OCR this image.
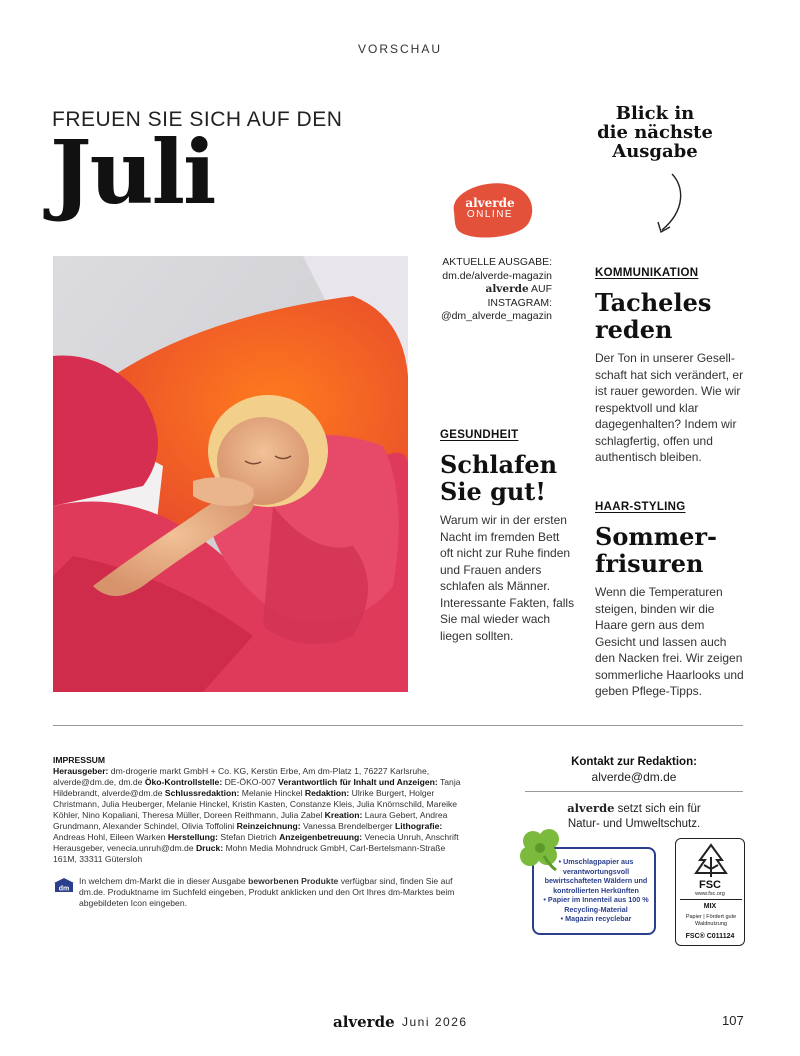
VORSCHAU
FREUEN SIE SICH AUF DEN
Juli
Blick in
die nächste
Ausgabe
alverde
ONLINE
AKTUELLE AUSGABE:
dm.de/alverde-magazin
alverde AUF INSTAGRAM:
@dm_alverde_magazin
KOMMUNIKATION
Tacheles
reden
Der Ton in unserer Gesell-schaft hat sich verändert, er ist rauer geworden. Wie wir respektvoll und klar dagegenhalten? Indem wir schlagfertig, offen und authentisch bleiben.
GESUNDHEIT
Schlafen
Sie gut!
Warum wir in der ersten Nacht im fremden Bett oft nicht zur Ruhe finden und Frauen anders schlafen als Männer. Interessante Fakten, falls Sie mal wieder wach liegen sollten.
HAAR-STYLING
Sommer-
frisuren
Wenn die Temperaturen steigen, binden wir die Haare gern aus dem Gesicht und lassen auch den Nacken frei. Wir zeigen sommerliche Haarlooks und geben Pflege-Tipps.
IMPRESSUM
Herausgeber: dm-drogerie markt GmbH + Co. KG, Kerstin Erbe, Am dm-Platz 1, 76227 Karlsruhe, alverde@dm.de, dm.de Öko-Kontrollstelle: DE-ÖKO-007 Verantwortlich für Inhalt und Anzeigen: Tanja Hildebrandt, alverde@dm.de Schlussredaktion: Melanie Hinckel Redaktion: Ulrike Burgert, Holger Christmann, Julia Heuberger, Melanie Hinckel, Kristin Kasten, Constanze Kleis, Julia Knörnschild, Mareike Köhler, Nino Kopaliani, Theresa Müller, Doreen Reithmann, Julia Zabel Kreation: Laura Gebert, Andrea Grundmann, Alexander Schindel, Olivia Toffolini Reinzeichnung: Vanessa Brendelberger Lithografie: Andreas Hohl, Eileen Warken Herstellung: Stefan Dietrich Anzeigenbetreuung: Venecia Unruh, Anschrift Herausgeber, venecia.unruh@dm.de Druck: Mohn Media Mohndruck GmbH, Carl-Bertelsmann-Straße 161M, 33311 Gütersloh
dm
In welchem dm-Markt die in dieser Ausgabe beworbenen Produkte verfügbar sind, finden Sie auf dm.de. Produktname im Suchfeld eingeben, Produkt anklicken und den Ort Ihres dm-Marktes beim abgebildeten Icon eingeben.
Kontakt zur Redaktion:
alverde@dm.de
alverde setzt sich ein für
Natur- und Umweltschutz.
• Umschlagpapier aus verantwortungsvoll bewirtschafteten Wäldern und kontrollierten Herkünften
• Papier im Innenteil aus 100 % Recycling-Material
• Magazin recyclebar
FSC
www.fsc.org
MIX
Papier | Fördert gute Waldnutzung
FSC® C011124
alverde Juni 2026	107
